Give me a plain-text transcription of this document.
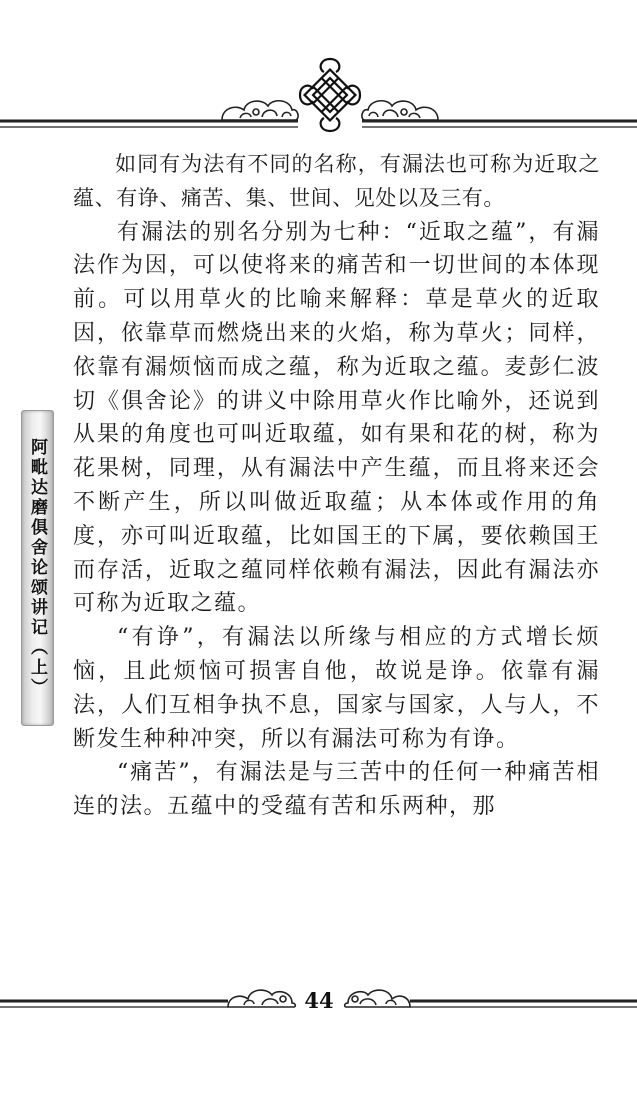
阿毗达磨俱舍论颂讲记（上）

如同有为法有不同的名称，有漏法也可称为近取之蕴、有诤、痛苦、集、世间、见处以及三有。

有漏法的别名分别为七种：“近取之蕴”，有漏法作为因，可以使将来的痛苦和一切世间的本体现前。可以用草火的比喻来解释：草是草火的近取因，依靠草而燃烧出来的火焰，称为草火；同样，依靠有漏烦恼而成之蕴，称为近取之蕴。麦彭仁波切《俱舍论》的讲义中除用草火作比喻外，还说到从果的角度也可叫近取蕴，如有果和花的树，称为花果树，同理，从有漏法中产生蕴，而且将来还会不断产生，所以叫做近取蕴；从本体或作用的角度，亦可叫近取蕴，比如国王的下属，要依赖国王而存活，近取之蕴同样依赖有漏法，因此有漏法亦可称为近取之蕴。

“有诤”，有漏法以所缘与相应的方式增长烦恼，且此烦恼可损害自他，故说是诤。依靠有漏法，人们互相争执不息，国家与国家，人与人，不断发生种种冲突，所以有漏法可称为有诤。

“痛苦”，有漏法是与三苦中的任何一种痛苦相连的法。五蕴中的受蕴有苦和乐两种，那

44
